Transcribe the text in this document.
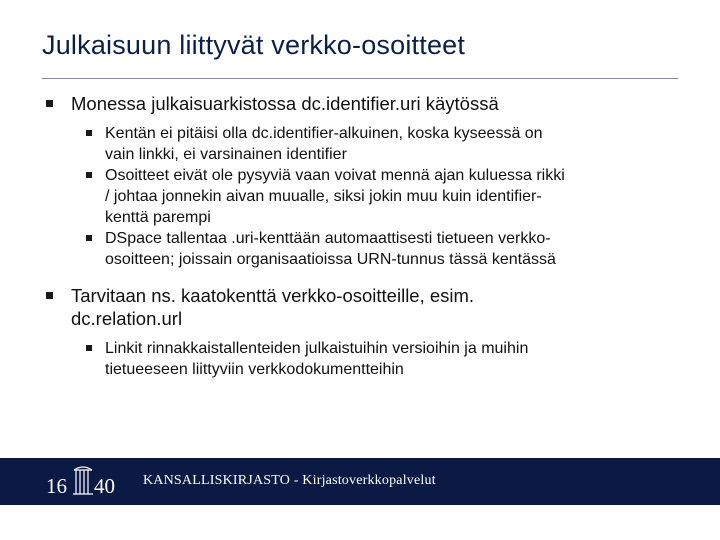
Julkaisuun liittyvät verkko-osoitteet
Monessa julkaisuarkistossa dc.identifier.uri käytössä
Kentän ei pitäisi olla dc.identifier-alkuinen, koska kyseessä on
vain linkki, ei varsinainen identifier
Osoitteet eivät ole pysyviä vaan voivat mennä ajan kuluessa rikki
/ johtaa jonnekin aivan muualle, siksi jokin muu kuin identifier-
kenttä parempi
DSpace tallentaa .uri-kenttään automaattisesti tietueen verkko-
osoitteen; joissain organisaatioissa URN-tunnus tässä kentässä
Tarvitaan ns. kaatokenttä verkko-osoitteille, esim.
dc.relation.url
Linkit rinnakkaistallenteiden julkaistuihin versioihin ja muihin
tietueeseen liittyviin verkkodokumentteihin
16 40 KANSALLISKIRJASTO - Kirjastoverkkopalvelut
